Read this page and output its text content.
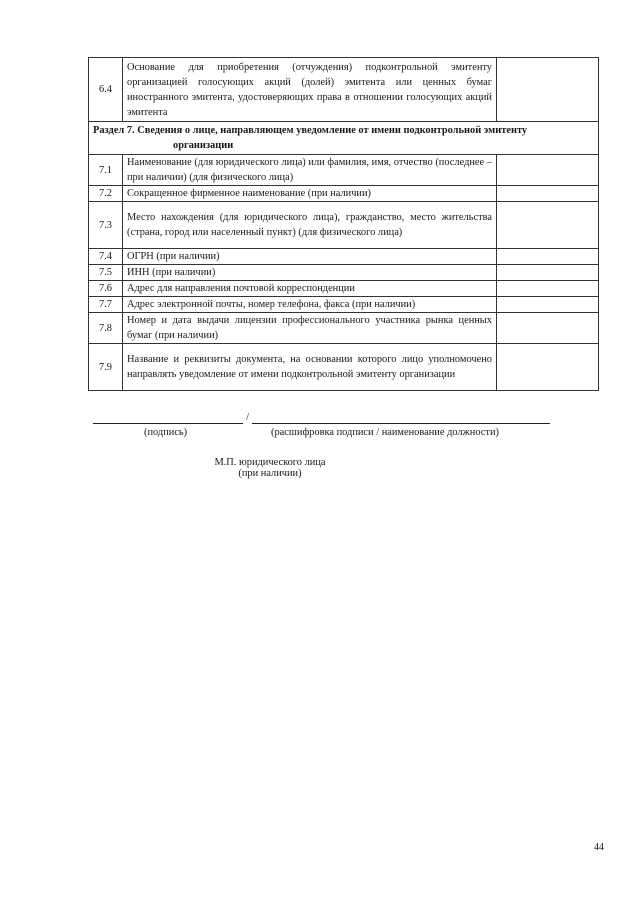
6.4	Основание для приобретения (отчуждения) подконтрольной эмитенту организацией голосующих акций (долей) эмитента или ценных бумаг иностранного эмитента, удостоверяющих права в отношении голосующих акций эмитента	

Раздел 7. Сведения о лице, направляющем уведомление от имени подконтрольной эмитенту
организации		

7.1	Наименование (для юридического лица) или фамилия, имя, отчество (последнее – при наличии) (для физического лица)	
7.2	Сокращенное фирменное наименование (при наличии)	
7.3	Место нахождения (для юридического лица), гражданство, место жительства (страна, город или населенный пункт) (для физического лица)	
7.4	ОГРН (при наличии)	
7.5	ИНН (при наличии)	
7.6	Адрес для направления почтовой корреспонденции	
7.7	Адрес электронной почты, номер телефона, факса (при наличии)	
7.8	Номер и дата выдачи лицензии профессионального участника рынка ценных бумаг (при наличии)	
7.9	Название и реквизиты документа, на основании которого лицо уполномочено направлять уведомление от имени подконтрольной эмитенту организации	
/
(подпись)	(расшифровка подписи / наименование должности)
М.П. юридического лица
(при наличии)
44
